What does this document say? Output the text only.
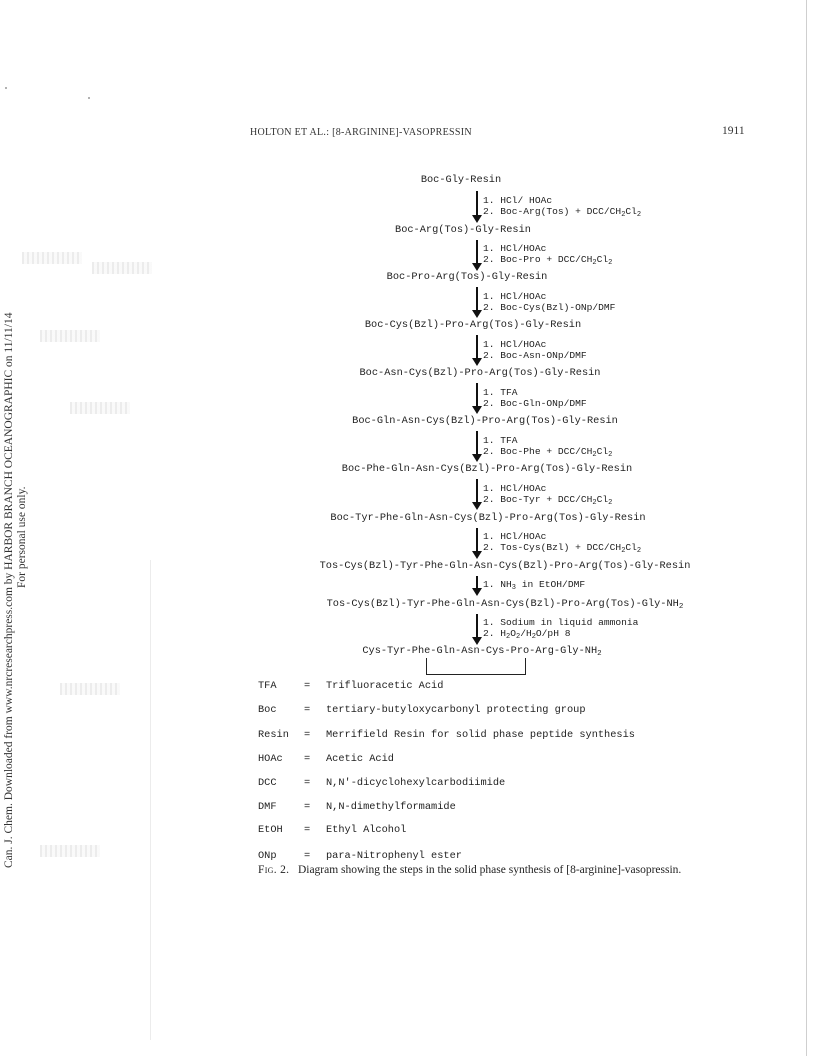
Can. J. Chem. Downloaded from www.nrcresearchpress.com by HARBOR BRANCH OCEANOGRAPHIC on 11/11/14 For personal use only.
HOLTON ET AL.: [8-ARGININE]-VASOPRESSIN	1911
Boc-Gly-Resin
1. HCl/ HOAc
2. Boc-Arg(Tos) + DCC/$CH_2Cl_2$
Boc-Arg(Tos)-Gly-Resin
1. HCl/HOAc
2. Boc-Pro + DCC/$CH_2Cl_2$
Boc-Pro-Arg(Tos)-Gly-Resin
1. HCl/HOAc
2. Boc-Cys(Bzl)-ONp/DMF
Boc-Cys(Bzl)-Pro-Arg(Tos)-Gly-Resin
1. HCl/HOAc
2. Boc-Asn-ONp/DMF
Boc-Asn-Cys(Bzl)-Pro-Arg(Tos)-Gly-Resin
1. TFA
2. Boc-Gln-ONp/DMF
Boc-Gln-Asn-Cys(Bzl)-Pro-Arg(Tos)-Gly-Resin
1. TFA
2. Boc-Phe + DCC/$CH_2Cl_2$
Boc-Phe-Gln-Asn-Cys(Bzl)-Pro-Arg(Tos)-Gly-Resin
1. HCl/HOAc
2. Boc-Tyr + DCC/$CH_2Cl_2$
Boc-Tyr-Phe-Gln-Asn-Cys(Bzl)-Pro-Arg(Tos)-Gly-Resin
1. HCl/HOAc
2. Tos-Cys(Bzl) + DCC/$CH_2Cl_2$
Tos-Cys(Bzl)-Tyr-Phe-Gln-Asn-Cys(Bzl)-Pro-Arg(Tos)-Gly-Resin
1. $NH_3$ in EtOH/DMF
Tos-$Cys(Bzl)-Tyr-Phe-Gln-Asn-Cys(Bzl)-Pro-Arg(Tos)-Gly-NH_2$
1. Sodium in liquid ammonia
2. $H_2O_2/H_2O/pH$ 8
Cys-$Tyr-Phe-Gln-Asn-Cys-Pro-Arg-Gly-NH_2$
TFA	= Trifluoracetic Acid
Boc	= tertiary-butyloxycarbonyl protecting group
Resin = Merrifield Resin for solid phase peptide synthesis
HOAc = Acetic Acid
DCC	= N,N'-dicyclohexylcarbodiimide
DMF	= N,N-dimethylformamide
EtOH = Ethyl Alcohol
ONp	= para-Nitrophenyl ester
Fig. 2. Diagram showing the steps in the solid phase synthesis of [8-arginine]-vasopressin.
